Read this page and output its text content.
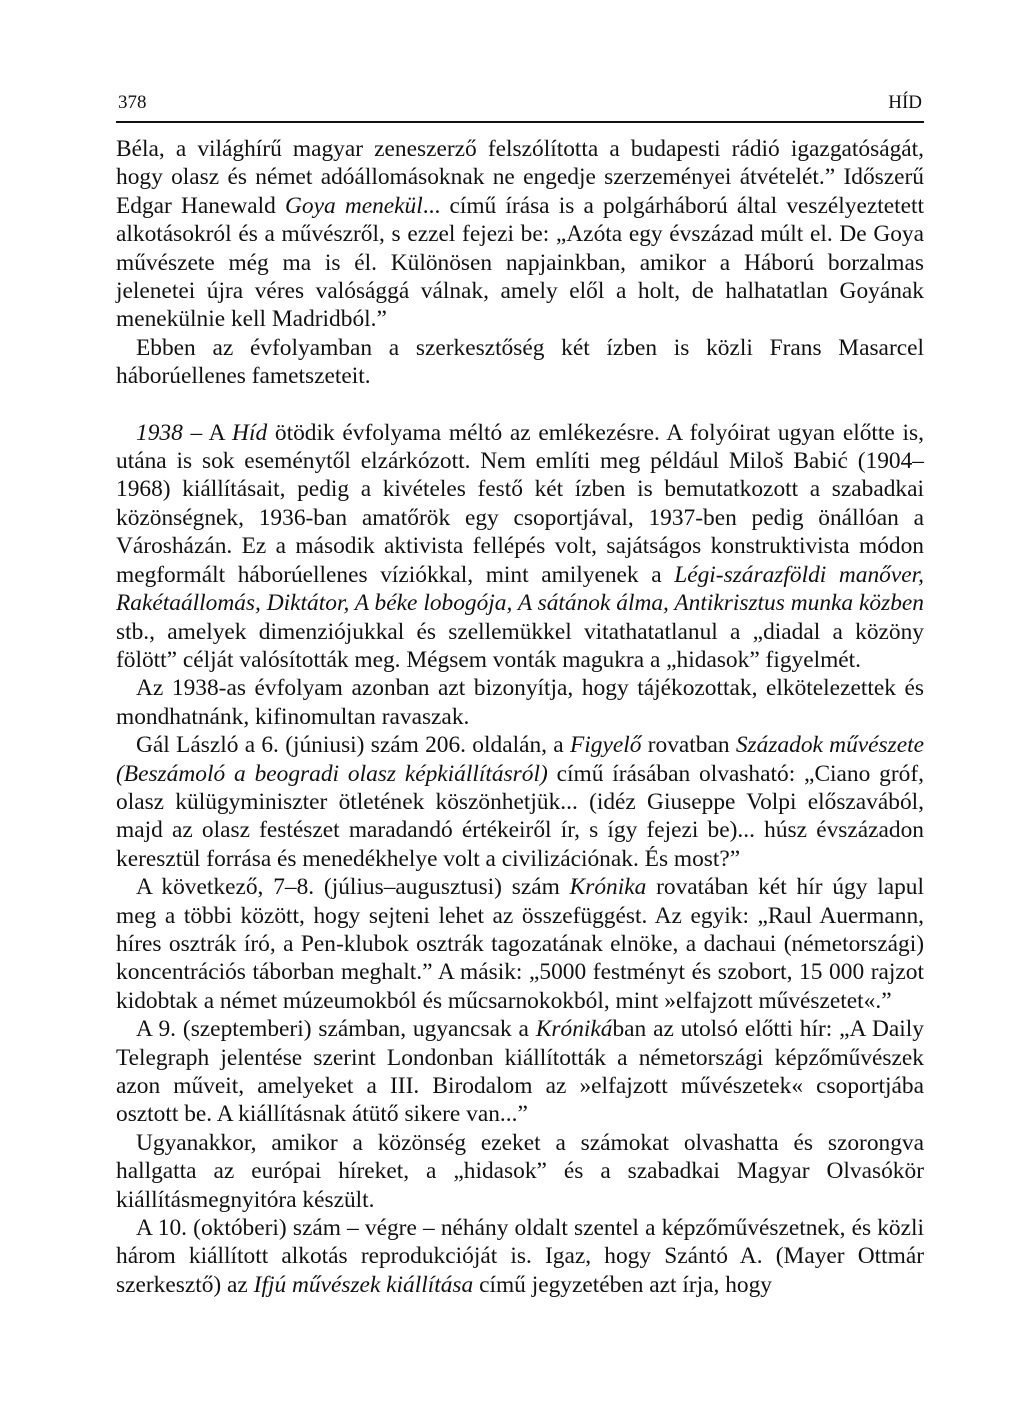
378	HÍD

Béla, a világhírű magyar zeneszerző felszólította a budapesti rádió igazgatóságát, hogy olasz és német adóállomásoknak ne engedje szerzeményei átvételét.” Időszerű Edgar Hanewald Goya menekül... című írása is a polgárháború által veszélyeztetett alkotásokról és a művészről, s ezzel fejezi be: „Azóta egy évszázad múlt el. De Goya művészete még ma is él. Különösen napjainkban, amikor a Háború borzalmas jelenetei újra véres valósággá válnak, amely elől a holt, de halhatatlan Goyának menekülnie kell Madridból.”

Ebben az évfolyamban a szerkesztőség két ízben is közli Frans Masarcel háborúellenes fametszeteit.

1938 – A Híd ötödik évfolyama méltó az emlékezésre. A folyóirat ugyan előtte is, utána is sok eseménytől elzárkózott. Nem említi meg például Miloš Babić (1904–1968) kiállításait, pedig a kivételes festő két ízben is bemutatkozott a szabadkai közönségnek, 1936-ban amatőrök egy csoportjával, 1937-ben pedig önállóan a Városházán. Ez a második aktivista fellépés volt, sajátságos konstruktivista módon megformált háborúellenes víziókkal, mint amilyenek a Légi-szárazföldi manőver, Rakétaállomás, Diktátor, A béke lobogója, A sátánok álma, Antikrisztus munka közben stb., amelyek dimenziójukkal és szellemükkel vitathatatlanul a „diadal a közöny fölött” célját valósították meg. Mégsem vonták magukra a „hidasok” figyelmét.

Az 1938-as évfolyam azonban azt bizonyítja, hogy tájékozottak, elkötelezettek és mondhatnánk, kifinomultan ravaszak.

Gál László a 6. (júniusi) szám 206. oldalán, a Figyelő rovatban Századok művészete (Beszámoló a beogradi olasz képkiállításról) című írásában olvasható: „Ciano gróf, olasz külügyminiszter ötletének köszönhetjük... (idéz Giuseppe Volpi előszavából, majd az olasz festészet maradandó értékeiről ír, s így fejezi be)... húsz évszázadon keresztül forrása és menedékhelye volt a civilizációnak. És most?”

A következő, 7–8. (július–augusztusi) szám Krónika rovatában két hír úgy lapul meg a többi között, hogy sejteni lehet az összefüggést. Az egyik: „Raul Auermann, híres osztrák író, a Pen-klubok osztrák tagozatának elnöke, a dachaui (németországi) koncentrációs táborban meghalt.” A másik: „5000 festményt és szobort, 15 000 rajzot kidobtak a német múzeumokból és műcsarnokokból, mint »elfajzott művészetet«.”

A 9. (szeptemberi) számban, ugyancsak a Krónikában az utolsó előtti hír: „A Daily Telegraph jelentése szerint Londonban kiállították a németországi képzőművészek azon műveit, amelyeket a III. Birodalom az »elfajzott művészetek« csoportjába osztott be. A kiállításnak átütő sikere van...”

Ugyanakkor, amikor a közönség ezeket a számokat olvashatta és szorongva hallgatta az európai híreket, a „hidasok” és a szabadkai Magyar Olvasókör kiállításmegnyitóra készült.

A 10. (októberi) szám – végre – néhány oldalt szentel a képzőművészetnek, és közli három kiállított alkotás reprodukcióját is. Igaz, hogy Szántó A. (Mayer Ottmár szerkesztő) az Ifjú művészek kiállítása című jegyzetében azt írja, hogy
